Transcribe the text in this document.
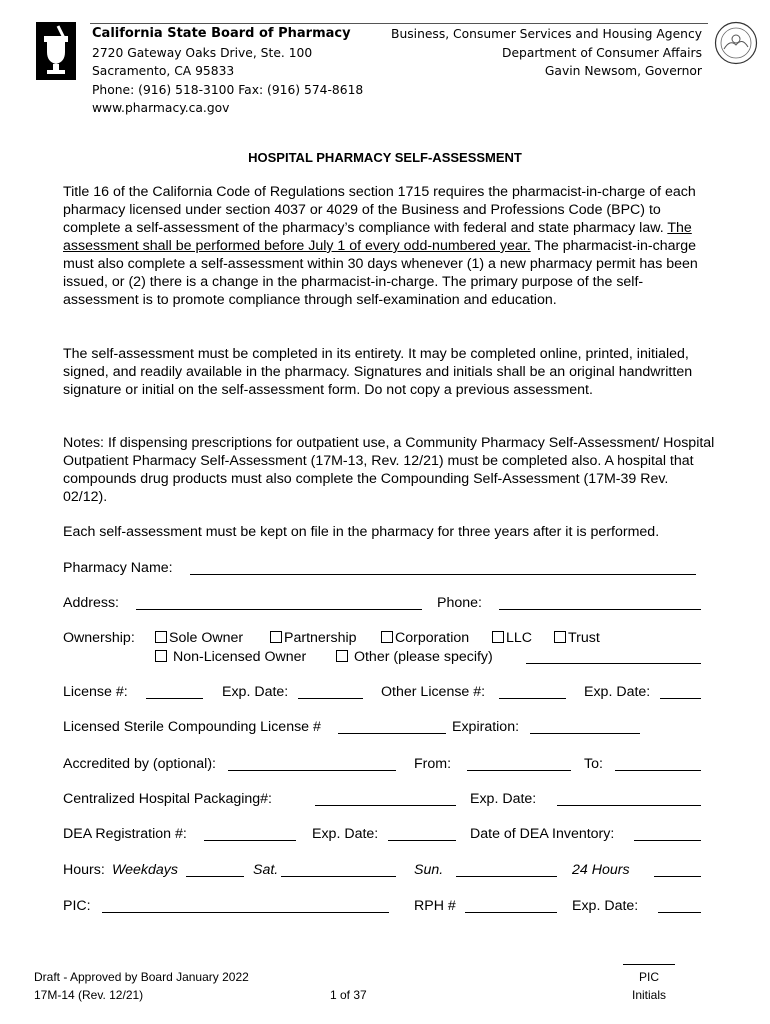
California State Board of Pharmacy
2720 Gateway Oaks Drive, Ste. 100
Sacramento, CA 95833
Phone: (916) 518-3100 Fax: (916) 574-8618
www.pharmacy.ca.gov
Business, Consumer Services and Housing Agency
Department of Consumer Affairs
Gavin Newsom, Governor
HOSPITAL PHARMACY SELF-ASSESSMENT

Title 16 of the California Code of Regulations section 1715 requires the pharmacist-in-charge of each pharmacy licensed under section 4037 or 4029 of the Business and Professions Code (BPC) to complete a self-assessment of the pharmacy’s compliance with federal and state pharmacy law. The assessment shall be performed before July 1 of every odd-numbered year. The pharmacist-in-charge must also complete a self-assessment within 30 days whenever (1) a new pharmacy permit has been issued, or (2) there is a change in the pharmacist-in-charge. The primary purpose of the self-assessment is to promote compliance through self-examination and education.

The self-assessment must be completed in its entirety. It may be completed online, printed, initialed, signed, and readily available in the pharmacy. Signatures and initials shall be an original handwritten signature or initial on the self-assessment form. Do not copy a previous assessment.
Notes: If dispensing prescriptions for outpatient use, a Community Pharmacy Self-Assessment/ Hospital Outpatient Pharmacy Self-Assessment (17M-13, Rev. 12/21) must be completed also. A hospital that compounds drug products must also complete the Compounding Self-Assessment (17M-39 Rev. 02/12).
Each self-assessment must be kept on file in the pharmacy for three years after it is performed.
Pharmacy Name:
Address:	Phone:
Ownership:	Sole Owner	Partnership	Corporation	LLC	Trust
Non-Licensed Owner	Other (please specify)
License #:	Exp. Date:	Other License #:	Exp. Date:
Licensed Sterile Compounding License #	Expiration:
Accredited by (optional):	From:	To:
Centralized Hospital Packaging#:	Exp. Date:
DEA Registration #:	Exp. Date:	Date of DEA Inventory:
Hours: Weekdays	Sat.	Sun.	24 Hours
PIC:	RPH #	Exp. Date:
Draft - Approved by Board January 2022
17M-14 (Rev. 12/21)	1 of 37
PIC
Initials
